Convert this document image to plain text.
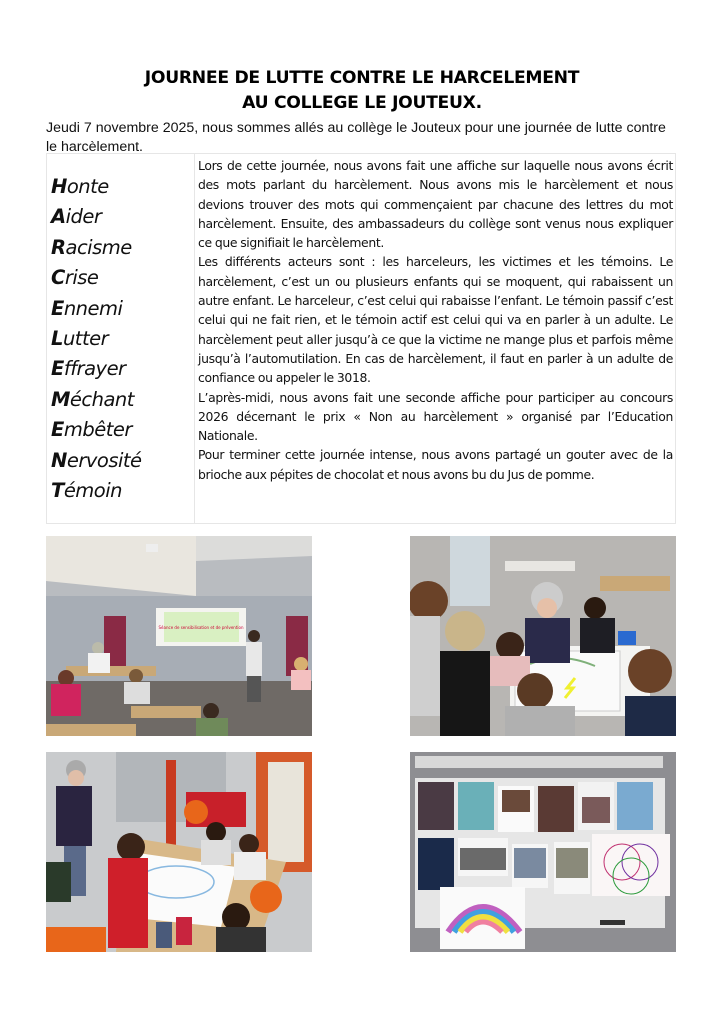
JOURNEE DE LUTTE CONTRE LE HARCELEMENT
AU COLLEGE LE JOUTEUX.
Jeudi 7 novembre 2025, nous sommes allés au collège le Jouteux pour une journée de lutte contre le harcèlement.
Honte
Aider
Racisme
Crise
Ennemi
Lutter
Effrayer
Méchant
Embêter
Nervosité
Témoin

Lors de cette journée, nous avons fait une affiche sur laquelle nous avons écrit des mots parlant du harcèlement. Nous avons mis le harcèlement et nous devions trouver des mots qui commençaient par chacune des lettres du mot harcèlement. Ensuite, des ambassadeurs du collège sont venus nous expliquer ce que signifiait le harcèlement.

Les différents acteurs sont : les harceleurs, les victimes et les témoins. Le harcèlement, c’est un ou plusieurs enfants qui se moquent, qui rabaissent un autre enfant. Le harceleur, c’est celui qui rabaisse l’enfant. Le témoin passif c’est celui qui ne fait rien, et le témoin actif est celui qui va en parler à un adulte. Le harcèlement peut aller jusqu’à ce que la victime ne mange plus et parfois même jusqu’à l’automutilation. En cas de harcèlement, il faut en parler à un adulte de confiance ou appeler le 3018.

L’après-midi, nous avons fait une seconde affiche pour participer au concours 2026 décernant le prix « Non au harcèlement » organisé par l’Education Nationale.

Pour terminer cette journée intense, nous avons partagé un gouter avec de la brioche aux pépites de chocolat et nous avons bu du Jus de pomme.

Séance de sensibilisation et de prévention
